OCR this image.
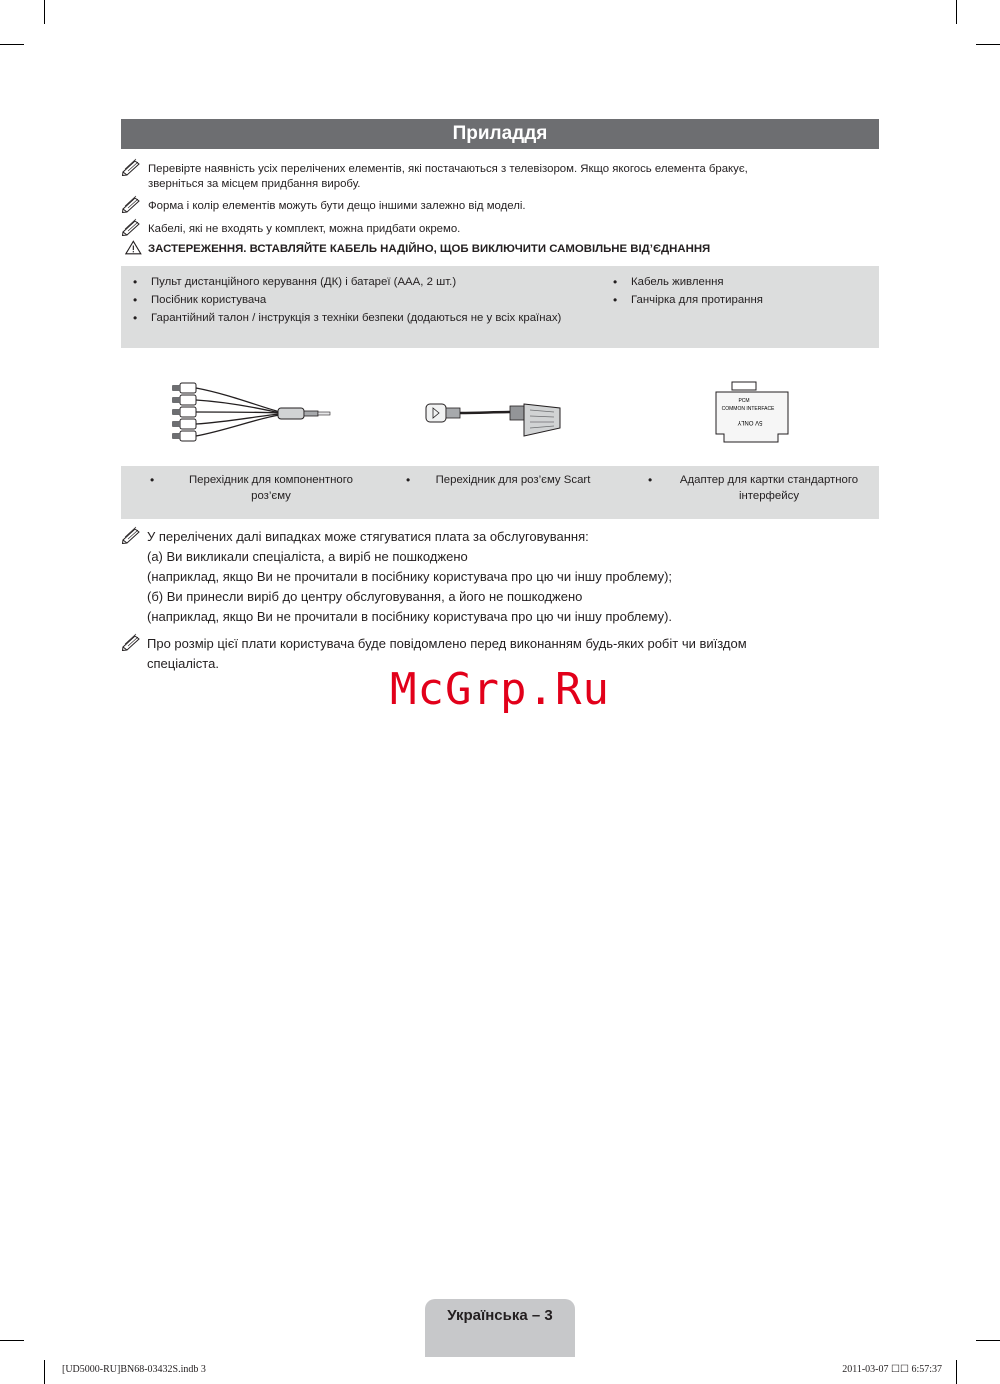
Приладдя
Перевірте наявність усіх перелічених елементів, які постачаються з телевізором. Якщо якогось елемента бракує,
зверніться за місцем придбання виробу.
Форма і колір елементів можуть бути дещо іншими залежно від моделі.
Кабелі, які не входять у комплект, можна придбати окремо.
ЗАСТЕРЕЖЕННЯ. ВСТАВЛЯЙТЕ КАБЕЛЬ НАДІЙНО, ЩОБ ВИКЛЮЧИТИ САМОВІЛЬНЕ ВІД’ЄДНАННЯ
• Пульт дистанційного керування (ДК) і батареї (ААА, 2 шт.)
• Посібник користувача
• Гарантійний талон / інструкція з техніки безпеки (додаються не у всіх країнах)
• Кабель живлення
• Ганчірка для протирання
PCM
COMMON INTERFACE
5V ONLY
•	Перехідник для компонентного
роз’єму
•	Перехідник для роз’єму Scart	•	Адаптер для картки стандартного
інтерфейсу
У перелічених далі випадках може стягуватися плата за обслуговування:
(а) Ви викликали спеціаліста, а виріб не пошкоджено
(наприклад, якщо Ви не прочитали в посібнику користувача про цю чи іншу проблему);
(б) Ви принесли виріб до центру обслуговування, а його не пошкоджено
(наприклад, якщо Ви не прочитали в посібнику користувача про цю чи іншу проблему).
Про розмір цієї плати користувача буде повідомлено перед виконанням будь-яких робіт чи виїздом
спеціаліста.
McGrp.Ru
Українська – 3
[UD5000-RU]BN68-03432S.indb 3	2011-03-07 ☐☐ 6:57:37
